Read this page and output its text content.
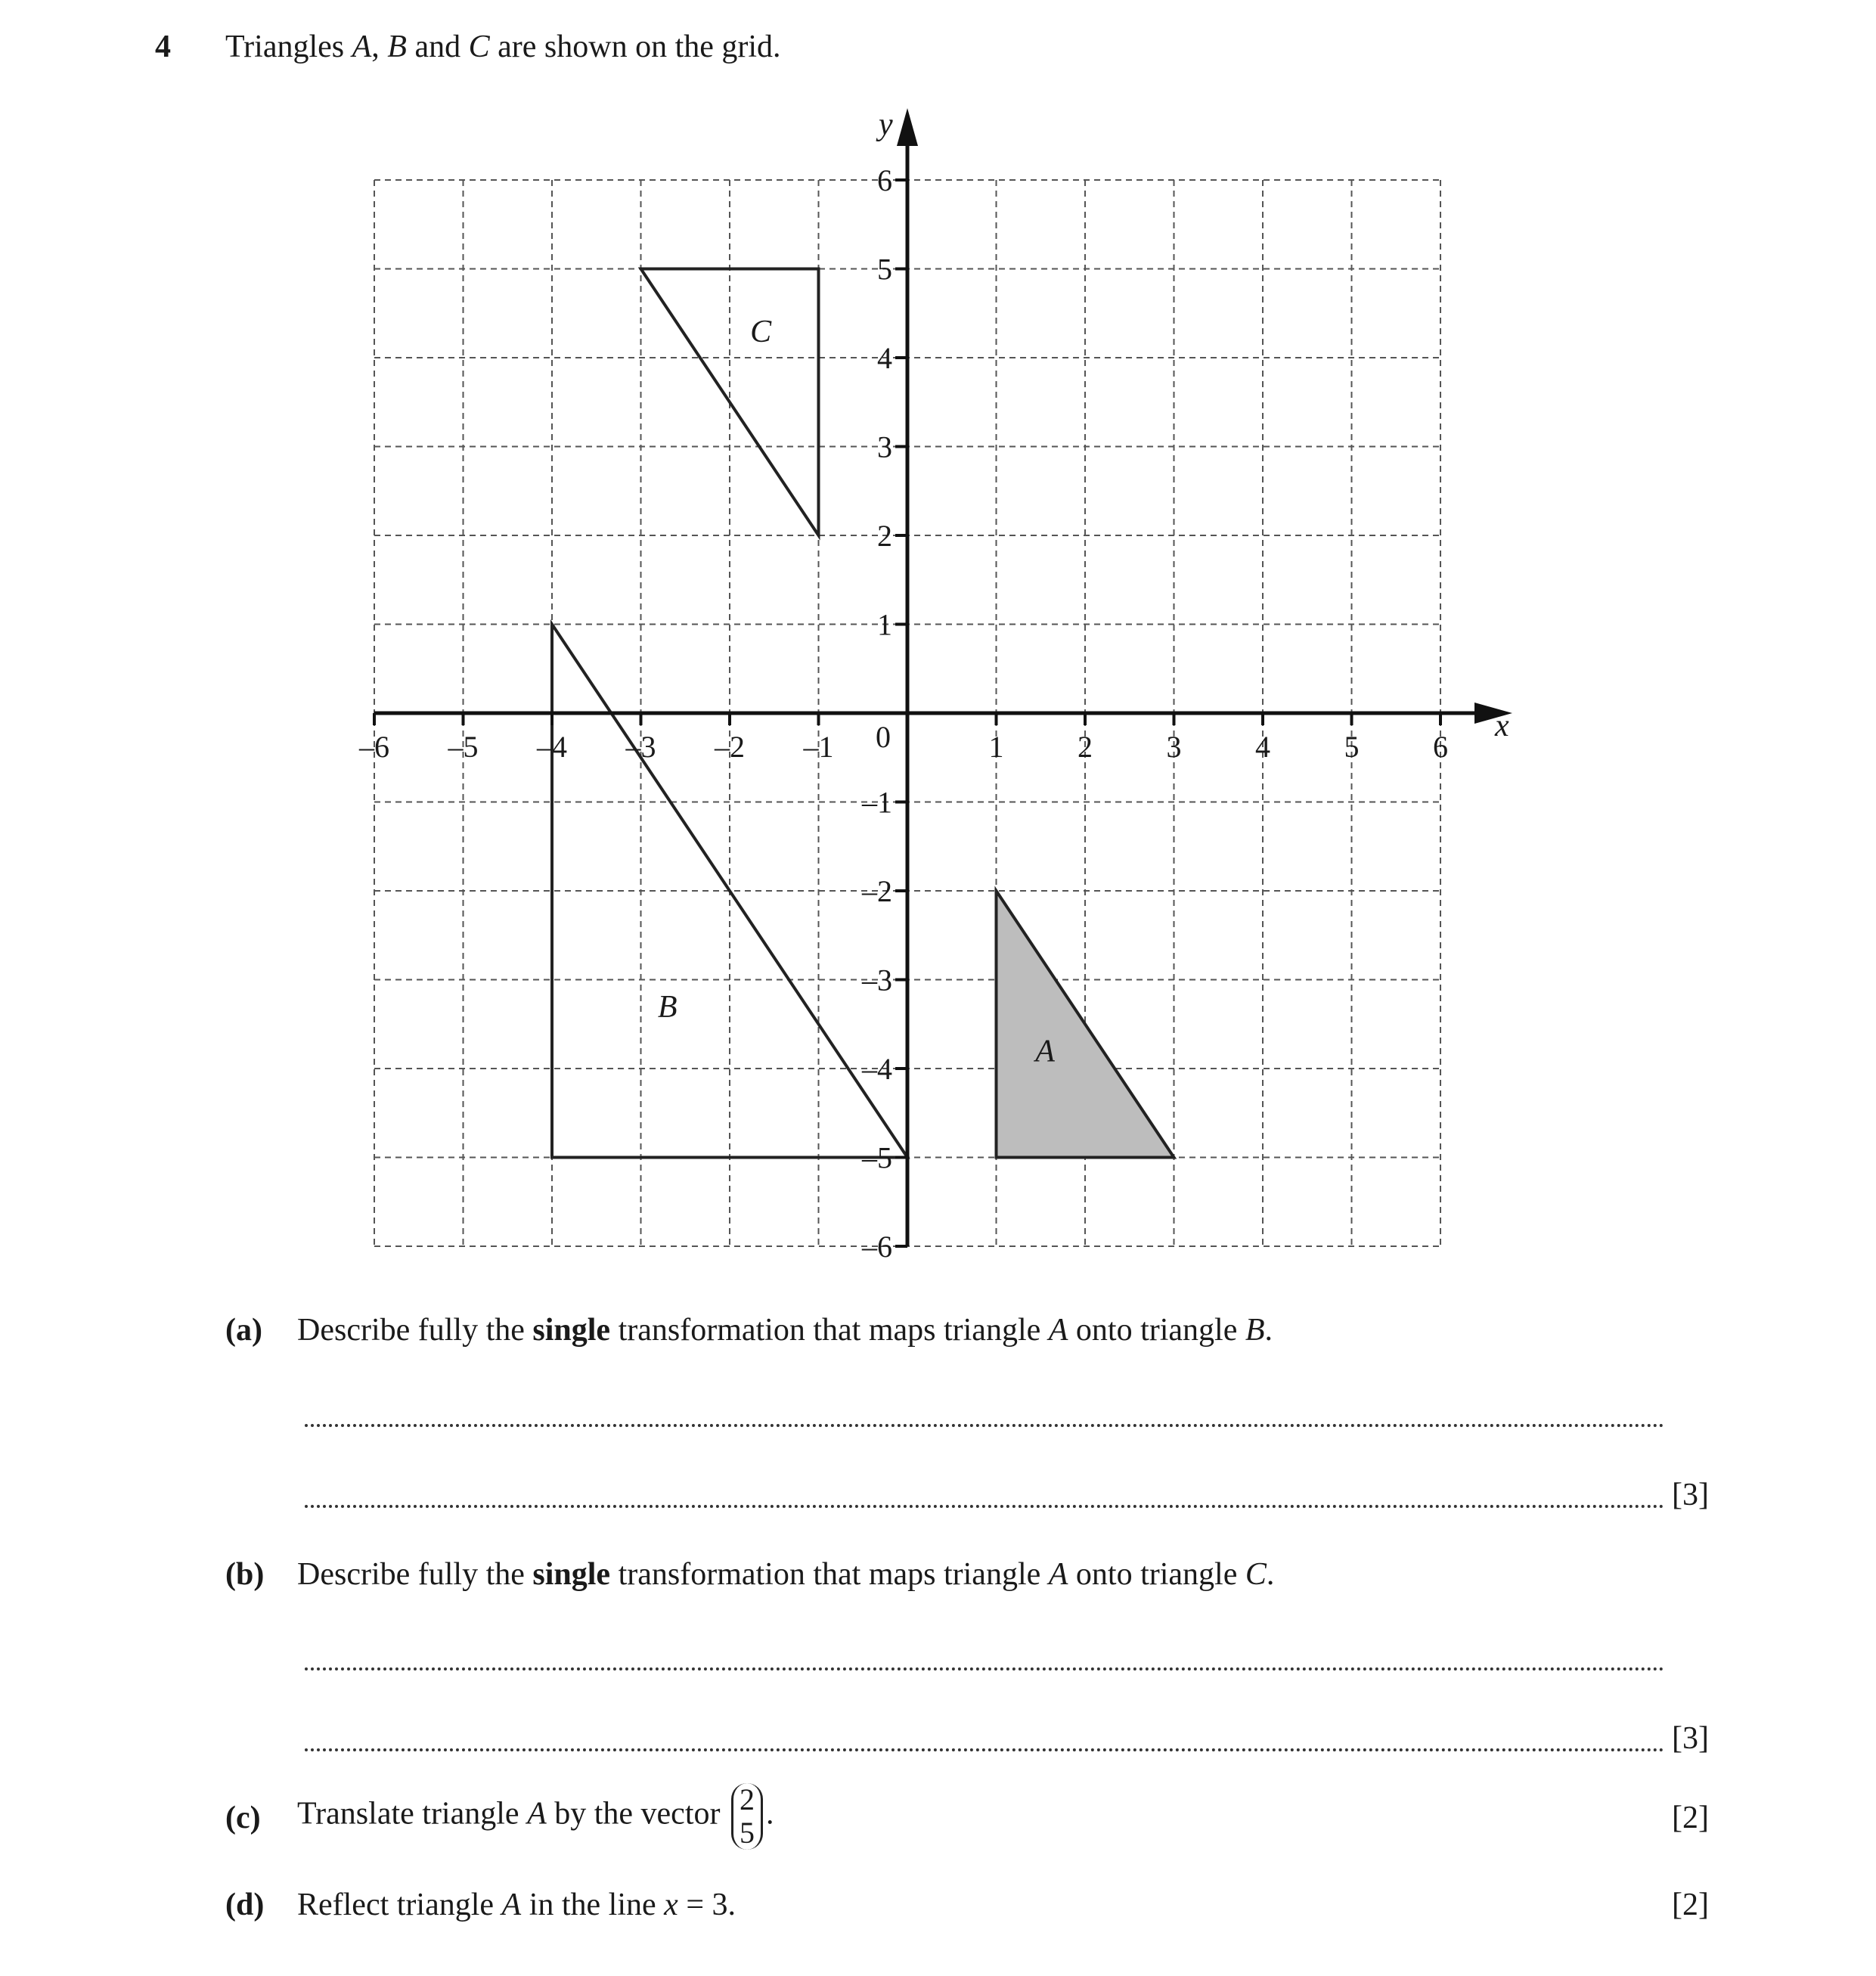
4 Triangles A, B and C are shown on the grid.
–6 –5 –4 –3 –2 –1	1 2 3 4 5 6
6
5
4
3
2
1
–1
–2
–3
–4
–5
–6
0	x
y
A
B
C
(a) Describe fully the single transformation that maps triangle A onto triangle B.
[3]
(b) Describe fully the single transformation that maps triangle A onto triangle C.
[3]
(c) Translate triangle A by the vector 2
5
.	[2]
(d) Reflect triangle A in the line x = 3.	[2]
